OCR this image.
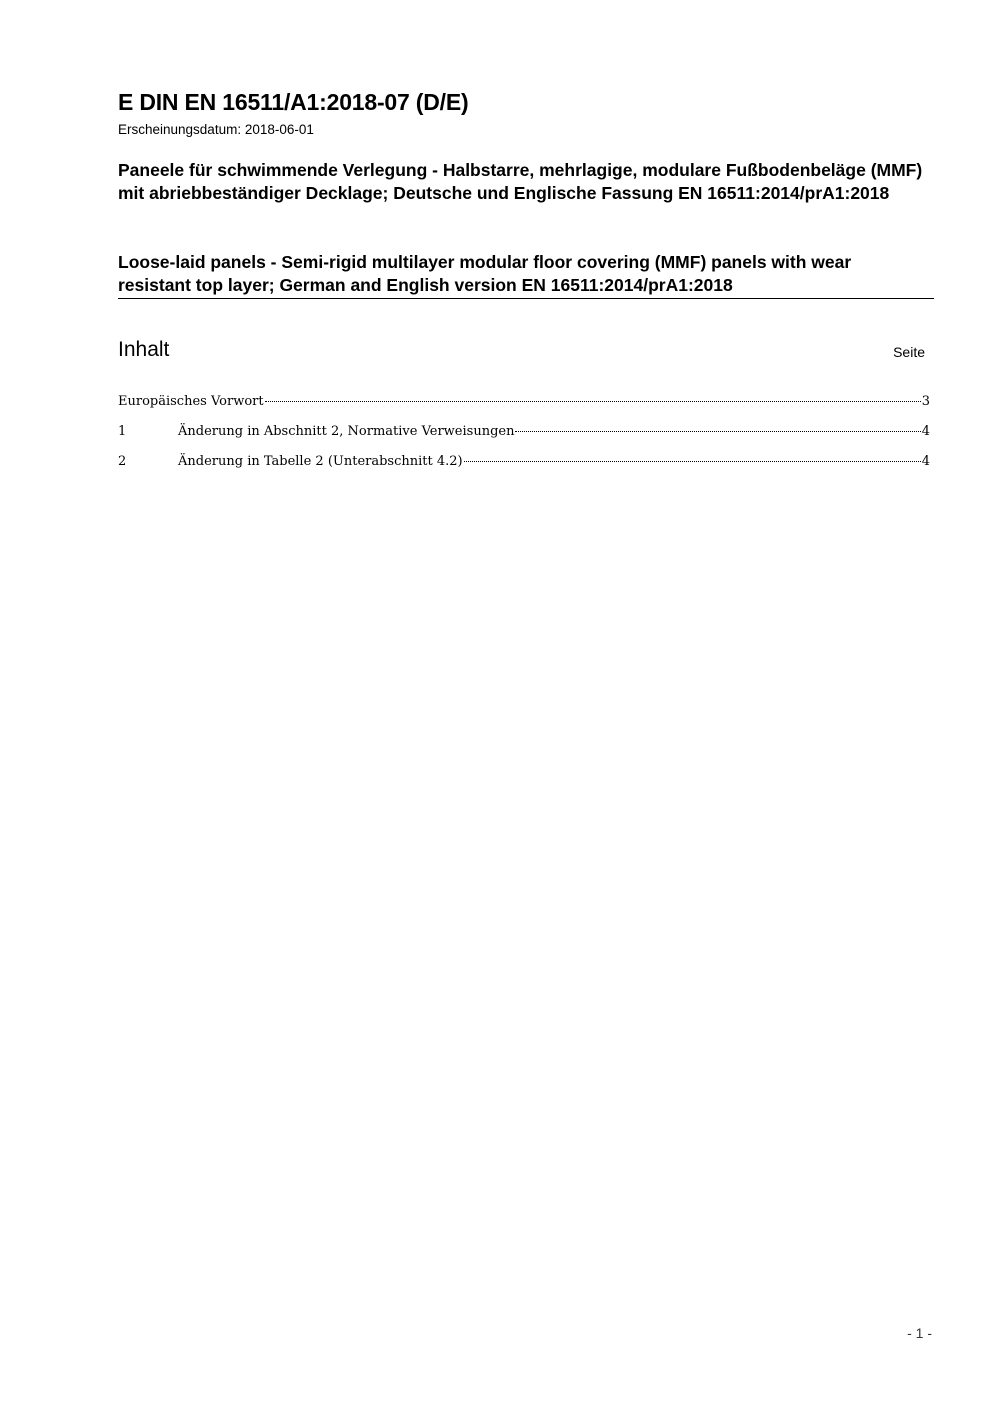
E DIN EN 16511/A1:2018-07 (D/E)
Erscheinungsdatum: 2018-06-01
Paneele für schwimmende Verlegung - Halbstarre, mehrlagige, modulare Fußbodenbeläge (MMF) mit abriebbeständiger Decklage; Deutsche und Englische Fassung EN 16511:2014/prA1:2018
Loose-laid panels - Semi-rigid multilayer modular floor covering (MMF) panels with wear resistant top layer; German and English version EN 16511:2014/prA1:2018
Inhalt	Seite
Europäisches Vorwort	3
1	Änderung in Abschnitt 2, Normative Verweisungen	4
2	Änderung in Tabelle 2 (Unterabschnitt 4.2)	4
- 1 -
